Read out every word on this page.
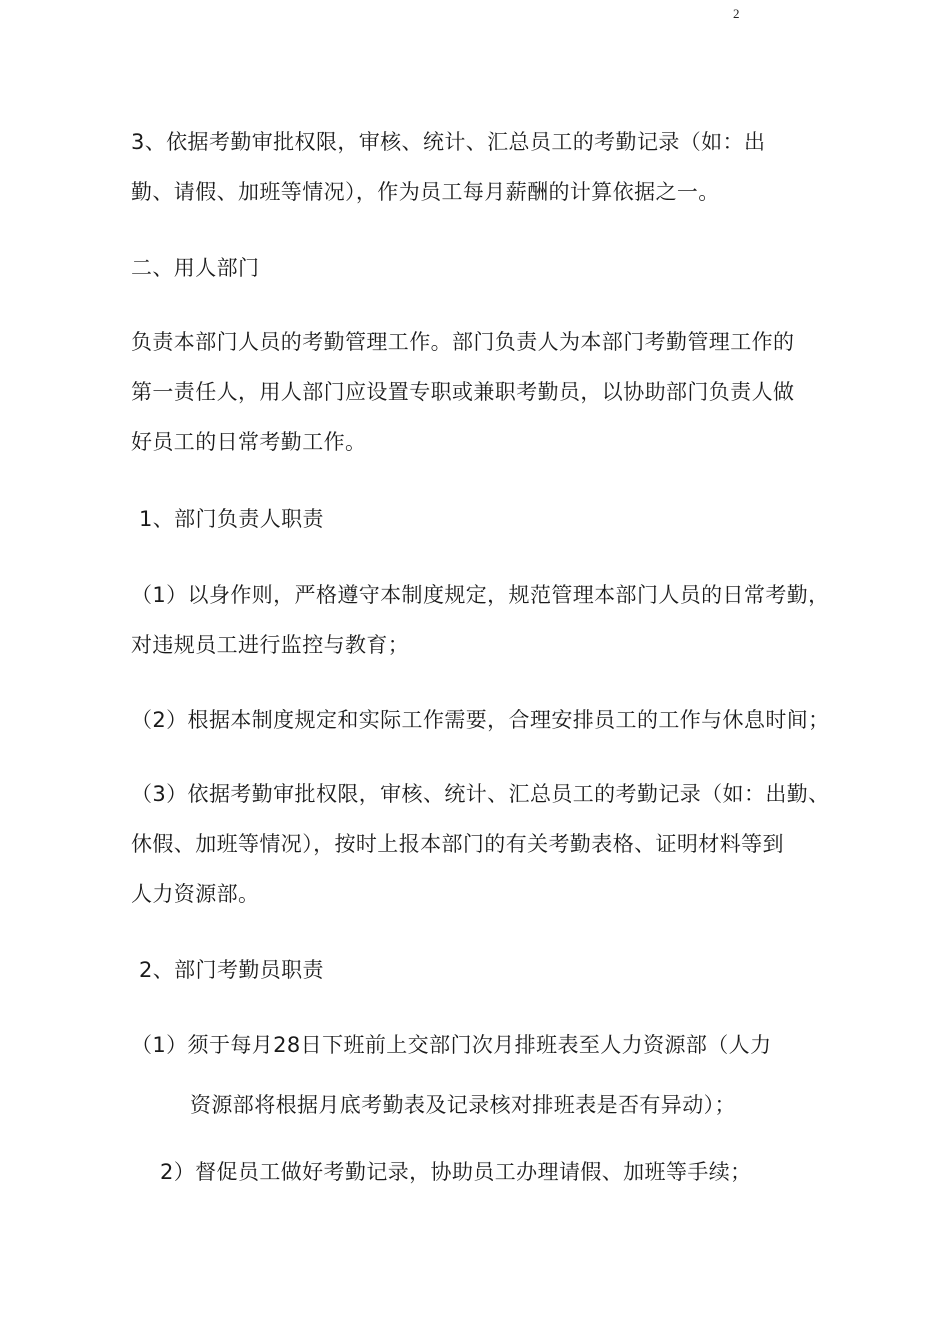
2
3、依据考勤审批权限，审核、统计、汇总员工的考勤记录（如：出
勤、请假、加班等情况），作为员工每月薪酬的计算依据之一。
二、用人部门
负责本部门人员的考勤管理工作。部门负责人为本部门考勤管理工作的
第一责任人，用人部门应设置专职或兼职考勤员，以协助部门负责人做
好员工的日常考勤工作。
1、部门负责人职责
（1）以身作则，严格遵守本制度规定，规范管理本部门人员的日常考勤，
对违规员工进行监控与教育；
（2）根据本制度规定和实际工作需要，合理安排员工的工作与休息时间；
（3）依据考勤审批权限，审核、统计、汇总员工的考勤记录（如：出勤、
休假、加班等情况），按时上报本部门的有关考勤表格、证明材料等到
人力资源部。
2、部门考勤员职责
（1）须于每月28日下班前上交部门次月排班表至人力资源部（人力
资源部将根据月底考勤表及记录核对排班表是否有异动）；
2）督促员工做好考勤记录，协助员工办理请假、加班等手续；
